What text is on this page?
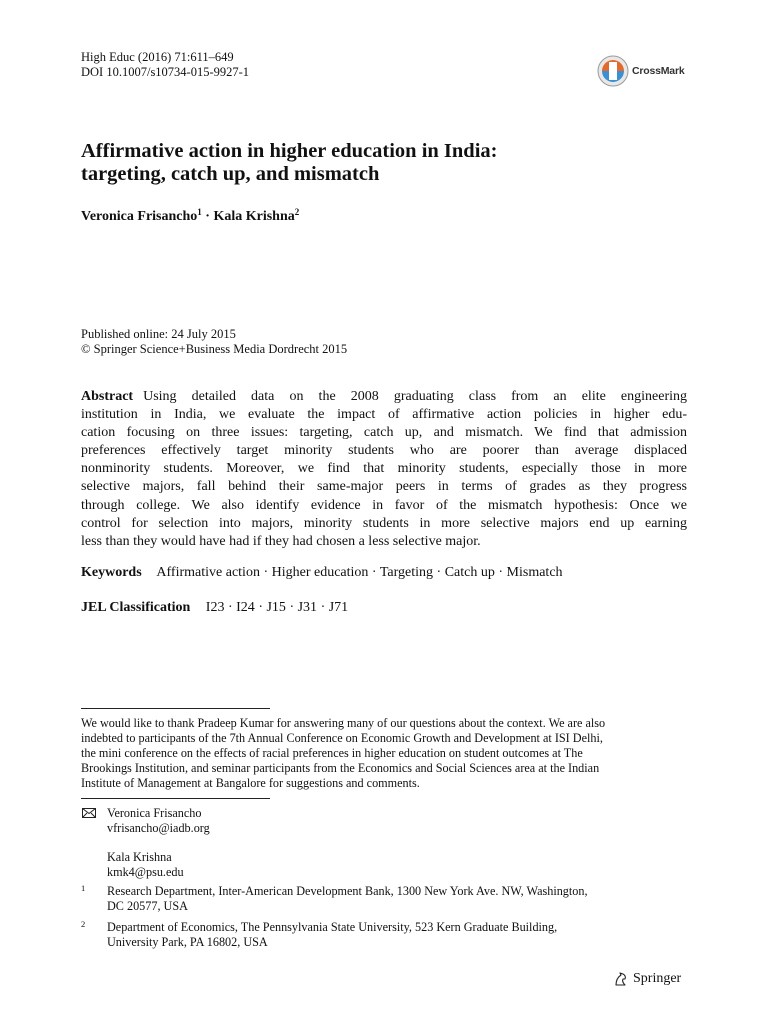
High Educ (2016) 71:611–649
DOI 10.1007/s10734-015-9927-1	CrossMark
Affirmative action in higher education in India:
targeting, catch up, and mismatch
Veronica Frisancho$^1$ · Kala Krishna$^2$
Published online: 24 July 2015
© Springer Science+Business Media Dordrecht 2015
Abstract Using detailed data on the 2008 graduating class from an elite engineering
institution in India, we evaluate the impact of affirmative action policies in higher edu-
cation focusing on three issues: targeting, catch up, and mismatch. We find that admission
preferences effectively target minority students who are poorer than average displaced
nonminority students. Moreover, we find that minority students, especially those in more
selective majors, fall behind their same-major peers in terms of grades as they progress
through college. We also identify evidence in favor of the mismatch hypothesis: Once we
control for selection into majors, minority students in more selective majors end up earning
less than they would have had if they had chosen a less selective major.
Keywords Affirmative action · Higher education · Targeting · Catch up · Mismatch
JEL Classification I23 · I24 · J15 · J31 · J71
We would like to thank Pradeep Kumar for answering many of our questions about the context. We are also
indebted to participants of the 7th Annual Conference on Economic Growth and Development at ISI Delhi,
the mini conference on the effects of racial preferences in higher education on student outcomes at The
Brookings Institution, and seminar participants from the Economics and Social Sciences area at the Indian
Institute of Management at Bangalore for suggestions and comments.
Veronica Frisancho
vfrisancho@iadb.org
Kala Krishna
kmk4@psu.edu
1 Research Department, Inter-American Development Bank, 1300 New York Ave. NW, Washington,
DC 20577, USA
2 Department of Economics, The Pennsylvania State University, 523 Kern Graduate Building,
University Park, PA 16802, USA
Springer
